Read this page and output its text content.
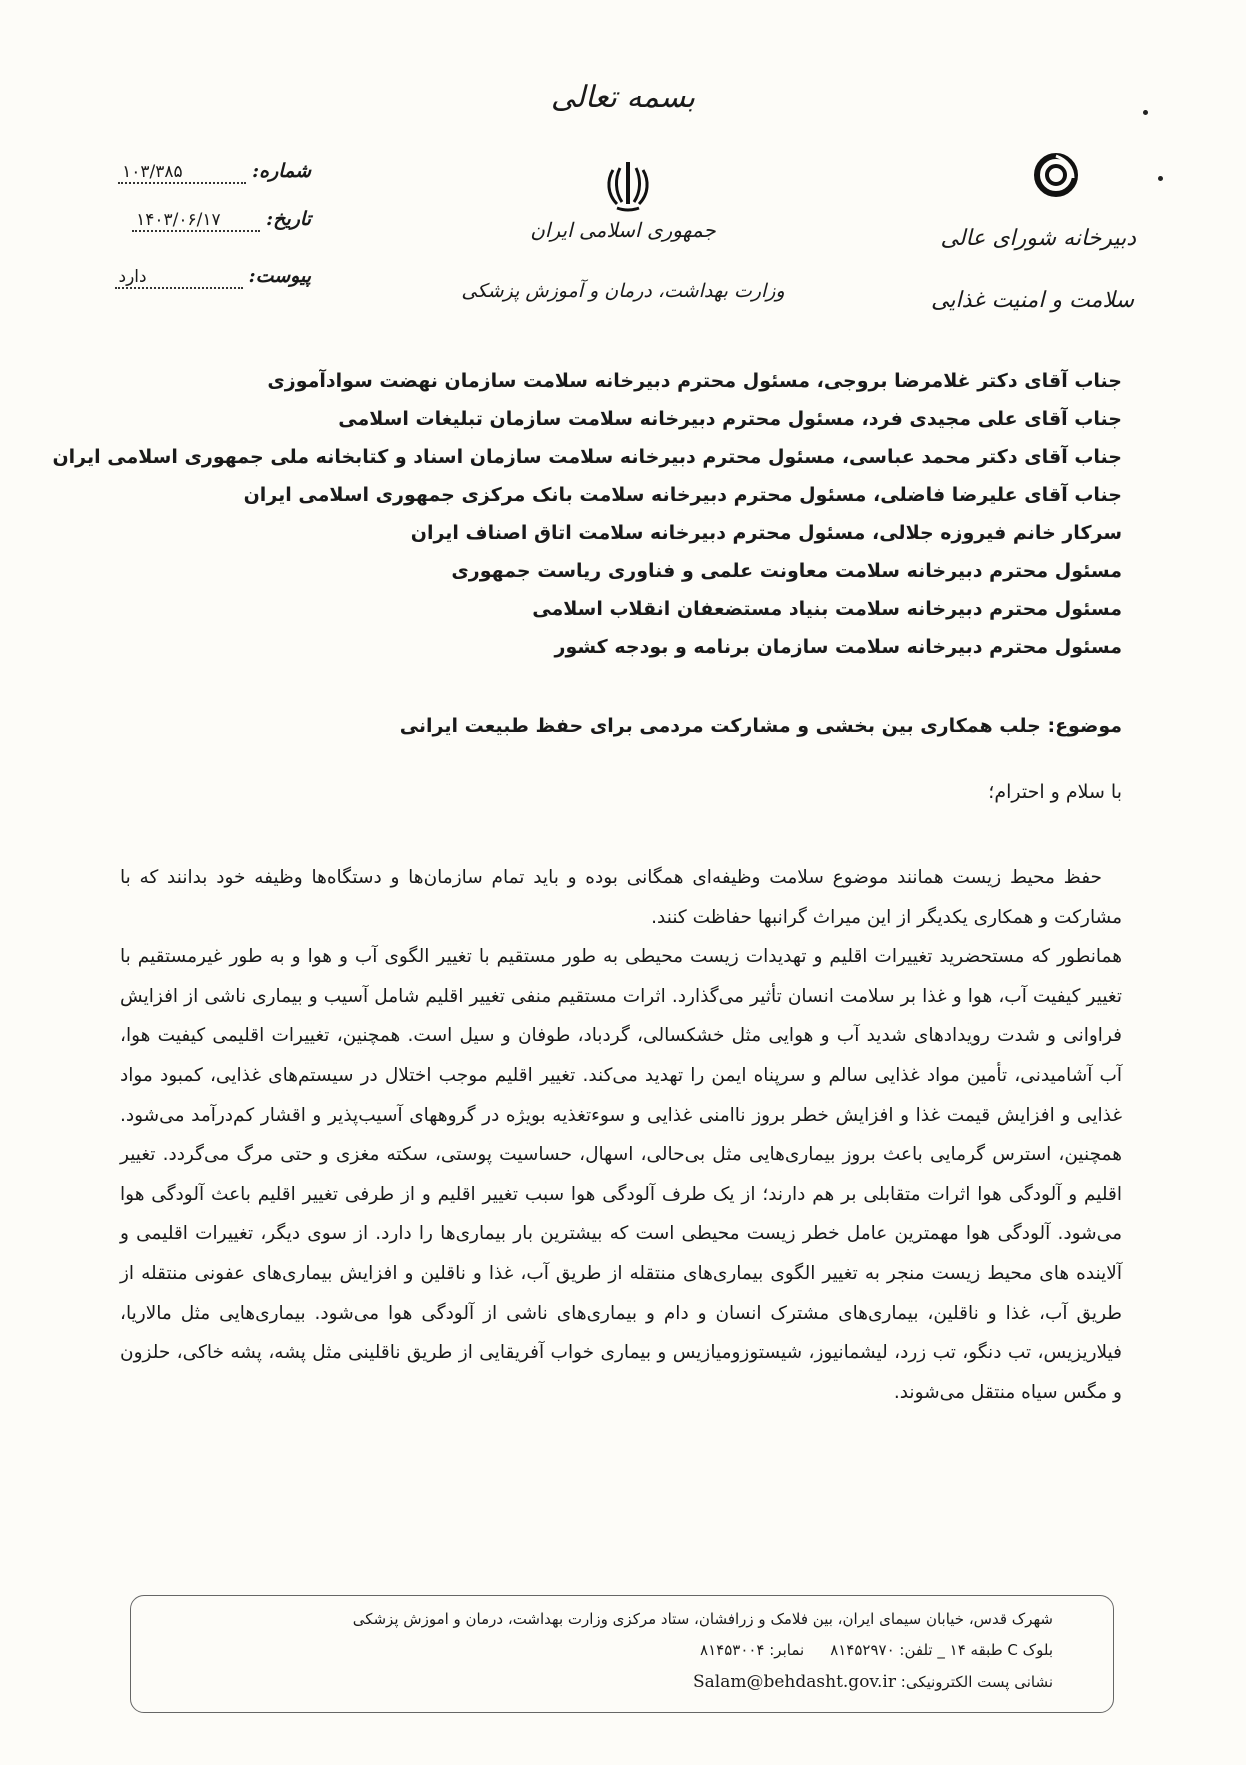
بسمه تعالی
جمهوری اسلامی ایران
وزارت بهداشت، درمان و آموزش پزشکی
دبیرخانه شورای عالی
سلامت و امنیت غذایی
شماره: ۱۰۳/۳۸۵
تاریخ: ۱۴۰۳/۰۶/۱۷
پیوست: دارد
جناب آقای دکتر غلامرضا بروجی، مسئول محترم دبیرخانه سلامت سازمان نهضت سوادآموزی
جناب آقای علی مجیدی فرد، مسئول محترم دبیرخانه سلامت سازمان تبلیغات اسلامی
جناب آقای دکتر محمد عباسی، مسئول محترم دبیرخانه سلامت سازمان اسناد و کتابخانه ملی جمهوری اسلامی ایران
جناب آقای علیرضا فاضلی، مسئول محترم دبیرخانه سلامت بانک مرکزی جمهوری اسلامی ایران
سرکار خانم فیروزه جلالی، مسئول محترم دبیرخانه سلامت اتاق اصناف ایران
مسئول محترم دبیرخانه سلامت معاونت علمی و فناوری ریاست جمهوری
مسئول محترم دبیرخانه سلامت بنیاد مستضعفان انقلاب اسلامی
مسئول محترم دبیرخانه سلامت سازمان برنامه و بودجه کشور
موضوع: جلب همکاری بین بخشی و مشارکت مردمی برای حفظ طبیعت ایرانی
با سلام و احترام؛

حفظ محیط زیست همانند موضوع سلامت وظیفه‌ای همگانی بوده و باید تمام سازمان‌ها و دستگاه‌ها وظیفه خود بدانند که با مشارکت و همکاری یکدیگر از این میراث گرانبها حفاظت کنند.

همانطور که مستحضرید تغییرات اقلیم و تهدیدات زیست محیطی به طور مستقیم با تغییر الگوی آب و هوا و به طور غیرمستقیم با تغییر کیفیت آب، هوا و غذا بر سلامت انسان تأثیر می‌گذارد. اثرات مستقیم منفی تغییر اقلیم شامل آسیب و بیماری ناشی از افزایش فراوانی و شدت رویدادهای شدید آب و هوایی مثل خشکسالی، گردباد، طوفان و سیل است. همچنین، تغییرات اقلیمی کیفیت هوا، آب آشامیدنی، تأمین مواد غذایی سالم و سرپناه ایمن را تهدید می‌کند. تغییر اقلیم موجب اختلال در سیستم‌های غذایی، کمبود مواد غذایی و افزایش قیمت غذا و افزایش خطر بروز ناامنی غذایی و سوءتغذیه بویژه در گروههای آسیب‌پذیر و اقشار کم‌درآمد می‌شود. همچنین، استرس گرمایی باعث بروز بیماری‌هایی مثل بی‌حالی، اسهال، حساسیت پوستی، سکته مغزی و حتی مرگ می‌گردد. تغییر اقلیم و آلودگی هوا اثرات متقابلی بر هم دارند؛ از یک طرف آلودگی هوا سبب تغییر اقلیم و از طرفی تغییر اقلیم باعث آلودگی هوا می‌شود. آلودگی هوا مهمترین عامل خطر زیست محیطی است که بیشترین بار بیماری‌ها را دارد. از سوی دیگر، تغییرات اقلیمی و آلاینده های محیط زیست منجر به تغییر الگوی بیماری‌های منتقله از طریق آب، غذا و ناقلین و افزایش بیماری‌های عفونی منتقله از طریق آب، غذا و ناقلین، بیماری‌های مشترک انسان و دام و بیماری‌های ناشی از آلودگی هوا می‌شود. بیماری‌هایی مثل مالاریا، فیلاریزیس، تب دنگو، تب زرد، لیشمانیوز، شیستوزومیازیس و بیماری خواب آفریقایی از طریق ناقلینی مثل پشه، پشه خاکی، حلزون و مگس سیاه منتقل می‌شوند.

شهرک قدس، خیابان سیمای ایران، بین فلامک و زرافشان، ستاد مرکزی وزارت بهداشت، درمان و اموزش پزشکی
بلوک C طبقه ۱۴ _ تلفن: ۸۱۴۵۲۹۷۰نمابر: ۸۱۴۵۳۰۰۴
نشانی پست الکترونیکی: Salam@behdasht.gov.ir
